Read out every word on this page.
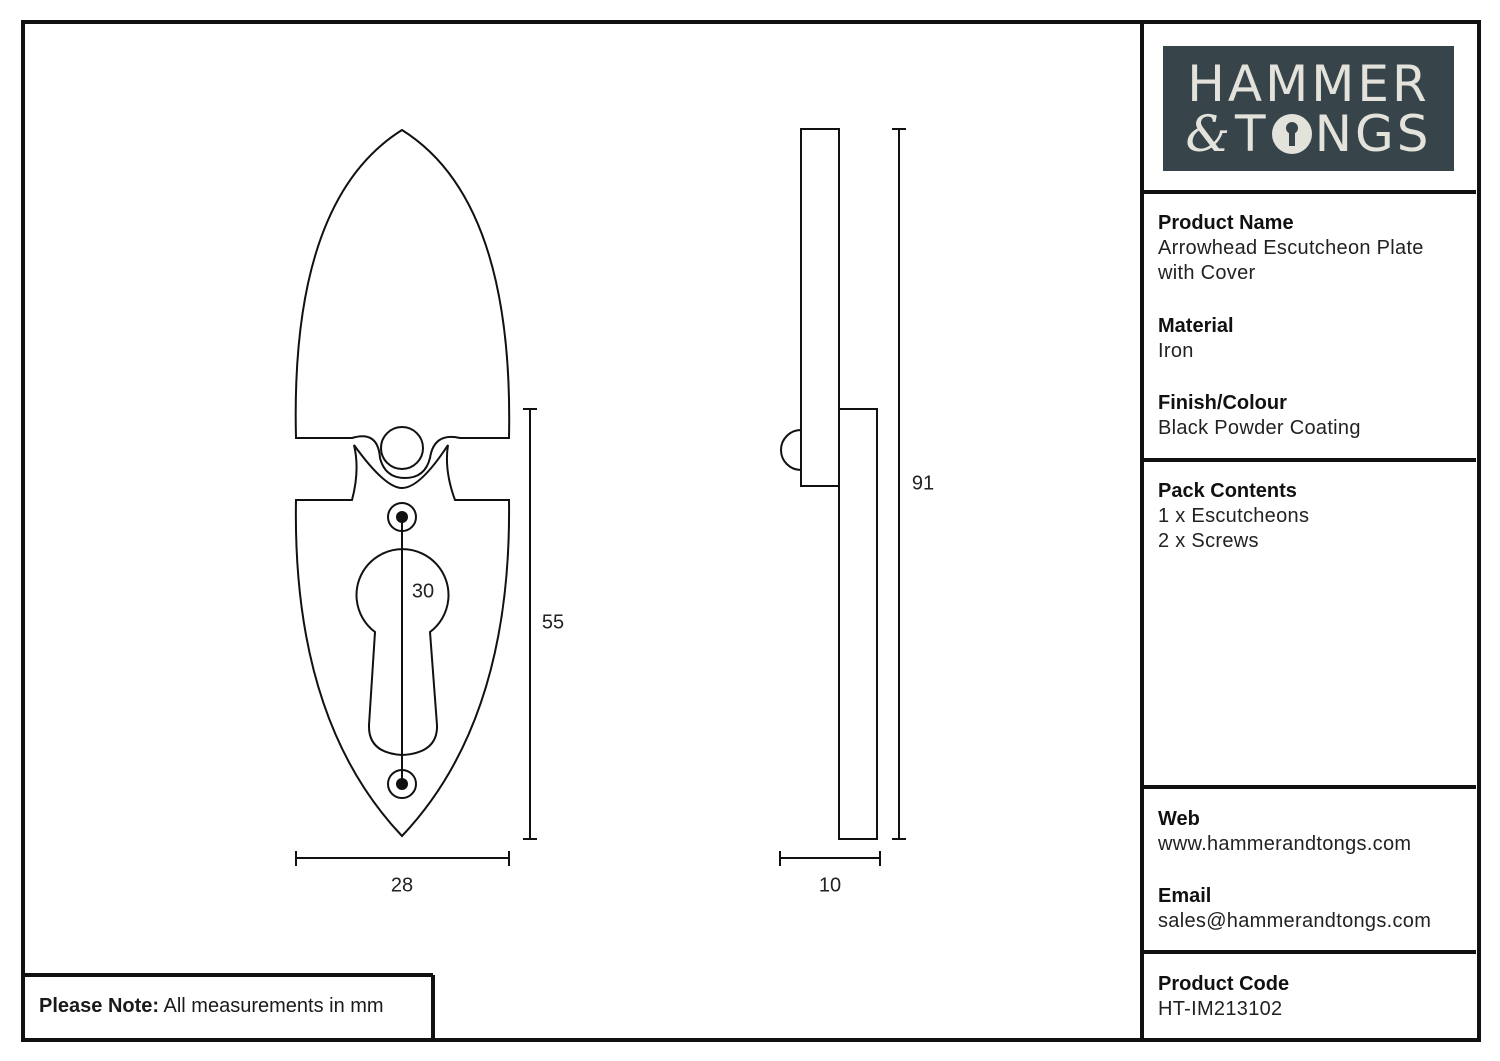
28
55
30
10
91
HAMMER
& T NGS
Product Name
Arrowhead Escutcheon Plate
with Cover
Material
Iron
Finish/Colour
Black Powder Coating
Pack Contents
1 x Escutcheons
2 x Screws
Web
www.hammerandtongs.com
Email
sales@hammerandtongs.com
Product Code
HT-IM213102
Please Note: All measurements in mm
